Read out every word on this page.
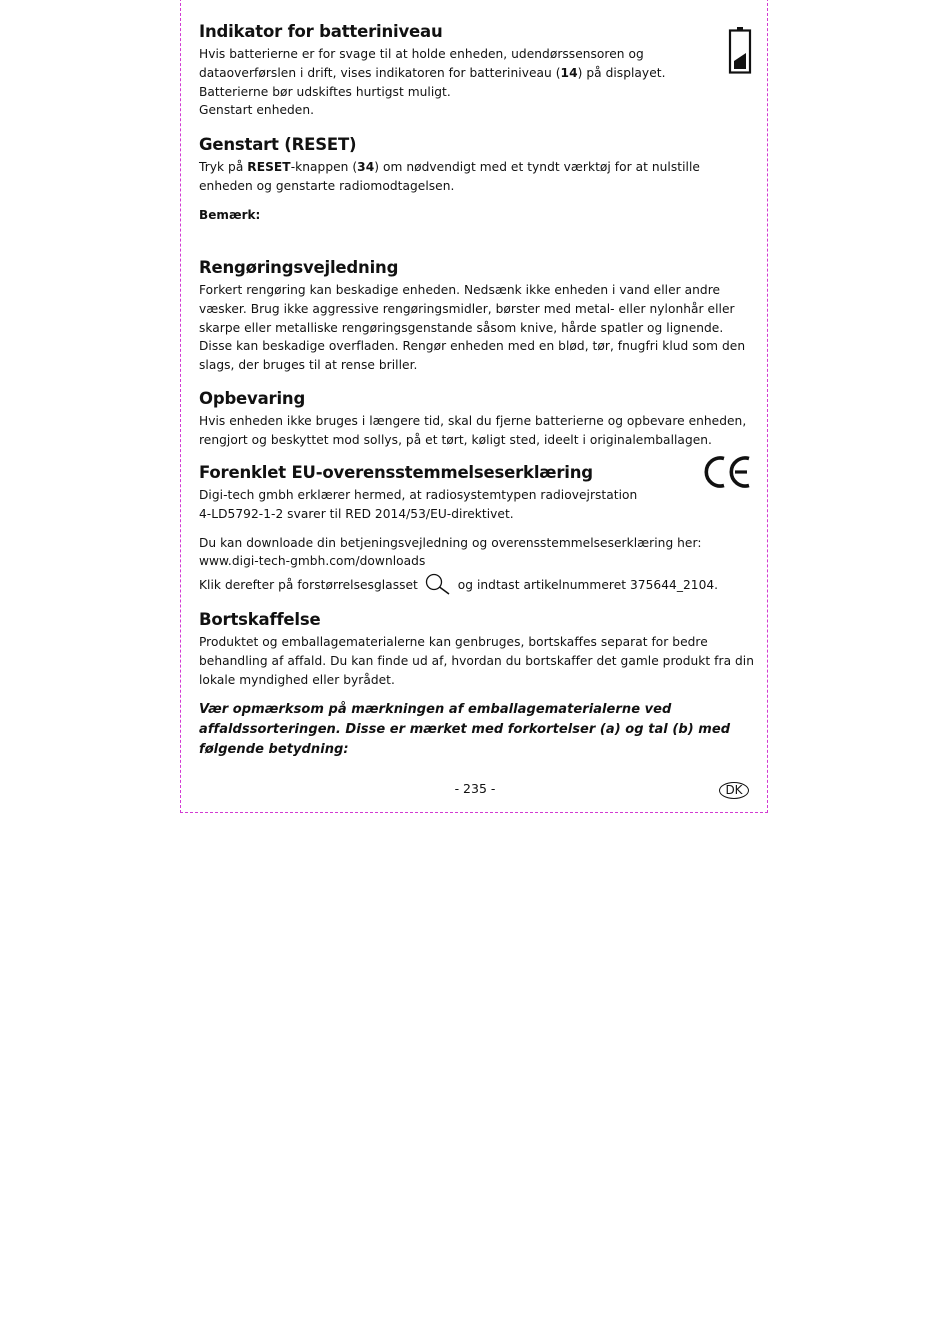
Indikator for batteriniveau

Hvis batterierne er for svage til at holde enheden, udendørssensoren og dataoverførslen i drift, vises indikatoren for batteriniveau (14) på displayet.

Batterierne bør udskiftes hurtigst muligt.

Genstart enheden.

Genstart (RESET)

Tryk på RESET-knappen (34) om nødvendigt med et tyndt værktøj for at nulstille enheden og genstarte radiomodtagelsen.

Bemærk:

Rengøringsvejledning

Forkert rengøring kan beskadige enheden. Nedsænk ikke enheden i vand eller andre væsker. Brug ikke aggressive rengøringsmidler, børster med metal- eller nylonhår eller skarpe eller metalliske rengøringsgenstande såsom knive, hårde spatler og lignende. Disse kan beskadige overfladen. Rengør enheden med en blød, tør, fnugfri klud som den slags, der bruges til at rense briller.

Opbevaring

Hvis enheden ikke bruges i længere tid, skal du fjerne batterierne og opbevare enheden, rengjort og beskyttet mod sollys, på et tørt, køligt sted, ideelt i originalemballagen.

Forenklet EU-overensstemmelseserklæring

Digi-tech gmbh erklærer hermed, at radiosystemtypen radiovejrstation
4-LD5792-1-2 svarer til RED 2014/53/EU-direktivet.

Du kan downloade din betjeningsvejledning og overensstemmelseserklæring her:
www.digi-tech-gmbh.com/downloads

Klik derefter på forstørrelsesglasset	og indtast artikelnummeret 375644_2104.

Bortskaffelse

Produktet og emballagematerialerne kan genbruges, bortskaffes separat for bedre behandling af affald. Du kan finde ud af, hvordan du bortskaffer det gamle produkt fra din lokale myndighed eller byrådet.

Vær opmærksom på mærkningen af emballagematerialerne ved affaldssorteringen. Disse er mærket med forkortelser (a) og tal (b) med følgende betydning:

- 235 -	DK
